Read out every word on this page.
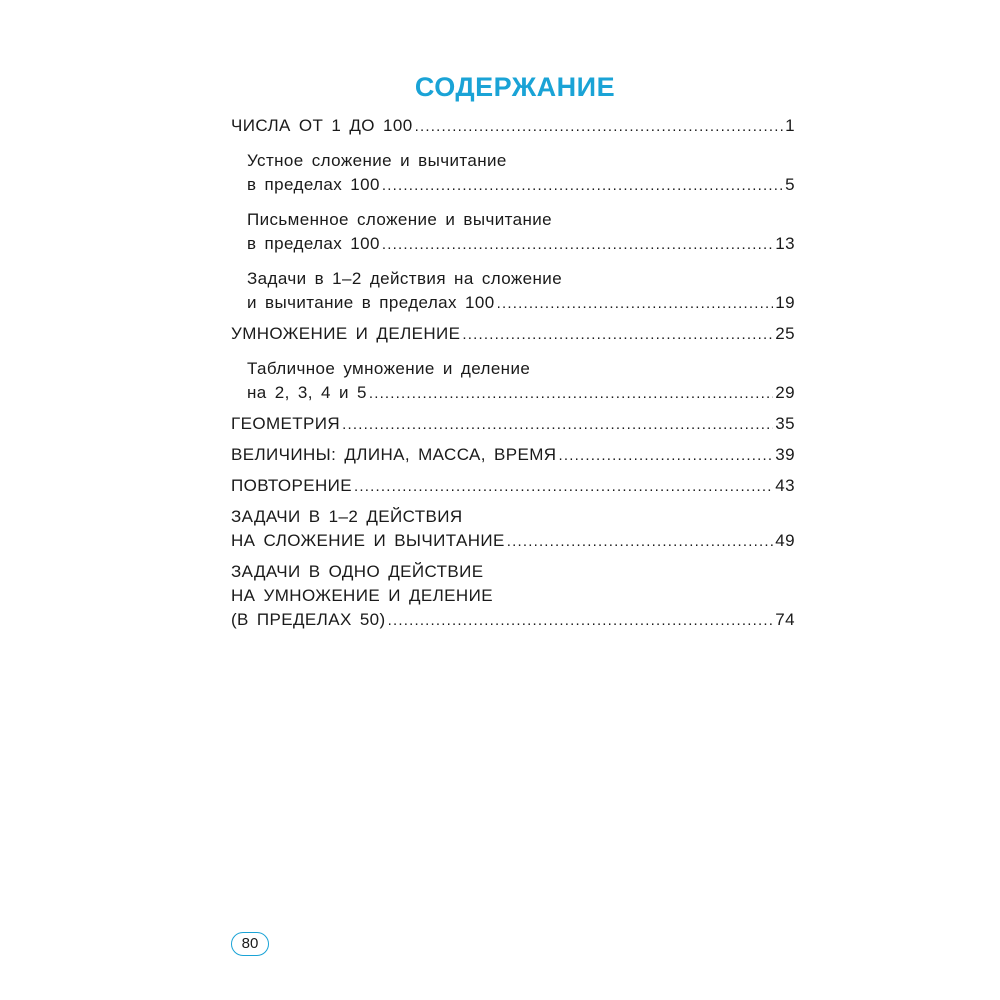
СОДЕРЖАНИЕ
ЧИСЛА ОТ 1 ДО 100 .....	1
Устное сложение и вычитание
в пределах 100 .....	5
Письменное сложение и вычитание
в пределах 100 .....	13
Задачи в 1–2 действия на сложение
и вычитание в пределах 100 .....	19
УМНОЖЕНИЕ И ДЕЛЕНИЕ .....	25
Табличное умножение и деление
на 2, 3, 4 и 5 .....	29
ГЕОМЕТРИЯ .....	35
ВЕЛИЧИНЫ: ДЛИНА, МАССА, ВРЕМЯ .....	39
ПОВТОРЕНИЕ .....	43
ЗАДАЧИ В 1–2 ДЕЙСТВИЯ
НА СЛОЖЕНИЕ И ВЫЧИТАНИЕ .....	49
ЗАДАЧИ В ОДНО ДЕЙСТВИЕ
НА УМНОЖЕНИЕ И ДЕЛЕНИЕ
(В ПРЕДЕЛАХ 50) .....	74
80
